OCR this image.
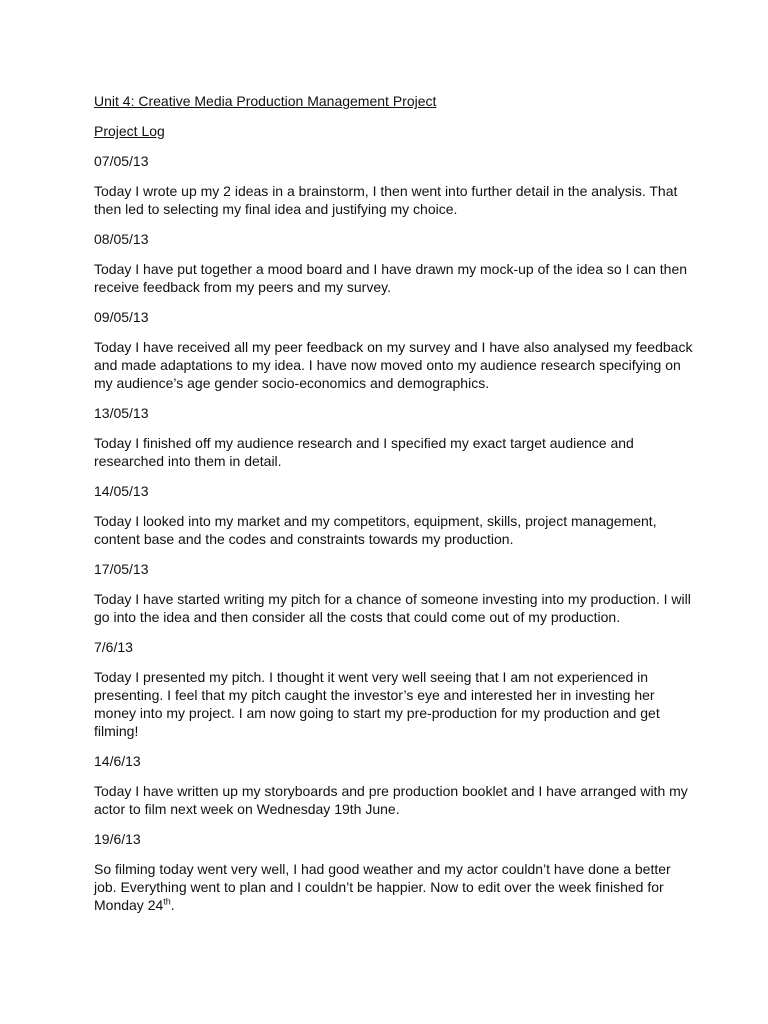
Unit 4: Creative Media Production Management Project
Project Log
07/05/13
Today I wrote up my 2 ideas in a brainstorm, I then went into further detail in the analysis. That then led to selecting my final idea and justifying my choice.
08/05/13
Today I have put together a mood board and I have drawn my mock-up of the idea so I can then receive feedback from my peers and my survey.
09/05/13
Today I have received all my peer feedback on my survey and I have also analysed my feedback and made adaptations to my idea. I have now moved onto my audience research specifying on my audience’s age gender socio-economics and demographics.
13/05/13
Today I finished off my audience research and I specified my exact target audience and researched into them in detail.
14/05/13
Today I looked into my market and my competitors, equipment, skills, project management, content base and the codes and constraints towards my production.
17/05/13
Today I have started writing my pitch for a chance of someone investing into my production. I will go into the idea and then consider all the costs that could come out of my production.
7/6/13
Today I presented my pitch. I thought it went very well seeing that I am not experienced in presenting. I feel that my pitch caught the investor’s eye and interested her in investing her money into my project. I am now going to start my pre-production for my production and get filming!
14/6/13
Today I have written up my storyboards and pre production booklet and I have arranged with my actor to film next week on Wednesday 19th June.
19/6/13
So filming today went very well, I had good weather and my actor couldn’t have done a better job. Everything went to plan and I couldn’t be happier. Now to edit over the week finished for Monday 24th.
